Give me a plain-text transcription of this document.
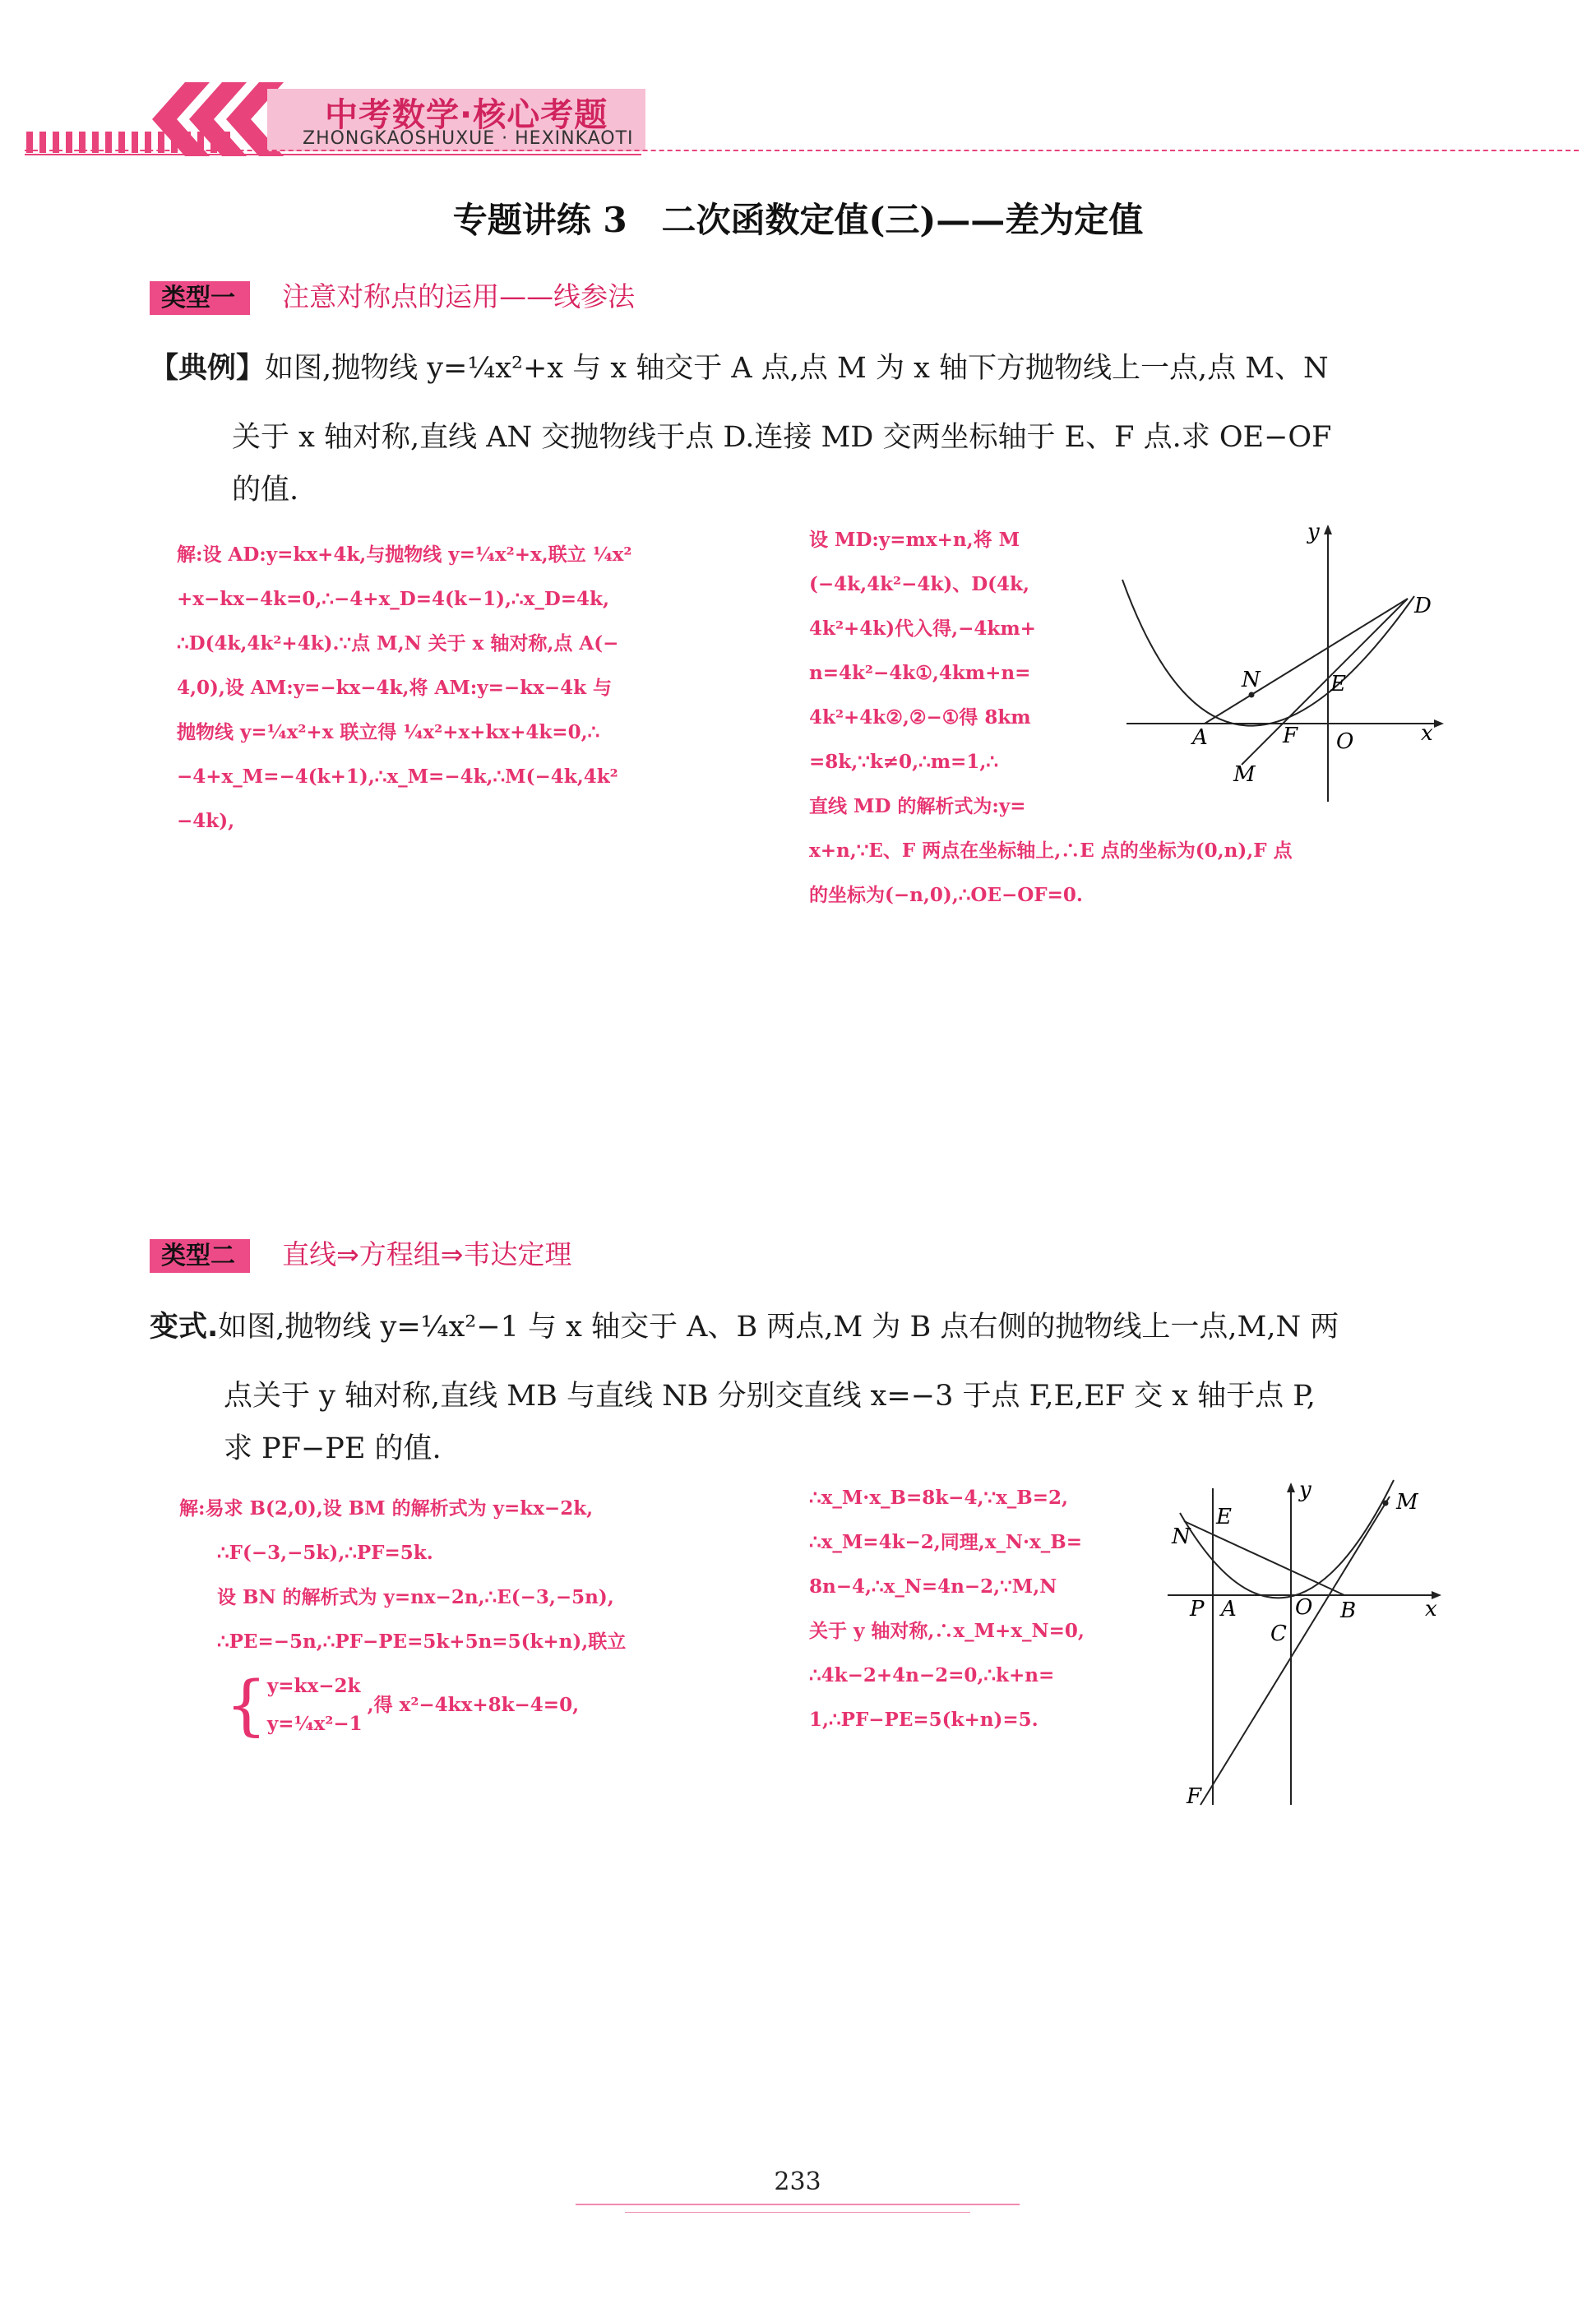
中考数学·核心考题
ZHONGKAOSHUXUE · HEXINKAOTI
专题讲练 3　二次函数定值(三)——差为定值
类型一 注意对称点的运用——线参法
【典例】如图,抛物线 y=¼x²+x 与 x 轴交于 A 点,点 M 为 x 轴下方抛物线上一点,点 M、N
关于 x 轴对称,直线 AN 交抛物线于点 D.连接 MD 交两坐标轴于 E、F 点.求 OE−OF
的值.

解:设 AD:y=kx+4k,与抛物线 y=¼x²+x,联立 ¼x²

+x−kx−4k=0,∴−4+x_D=4(k−1),∴x_D=4k,

∴D(4k,4k²+4k).∵点 M,N 关于 x 轴对称,点 A(−

4,0),设 AM:y=−kx−4k,将 AM:y=−kx−4k 与

抛物线 y=¼x²+x 联立得 ¼x²+x+kx+4k=0,∴

−4+x_M=−4(k+1),∴x_M=−4k,∴M(−4k,4k²

−4k),

设 MD:y=mx+n,将 M

(−4k,4k²−4k)、D(4k,

4k²+4k)代入得,−4km+

n=4k²−4k①,4km+n=

4k²+4k②,②−①得 8km

=8k,∵k≠0,∴m=1,∴

直线 MD 的解析式为:y=

x+n,∵E、F 两点在坐标轴上,∴E 点的坐标为(0,n),F 点

的坐标为(−n,0),∴OE−OF=0.

y
x
D
N	E
A	F O
M
类型二 直线⇒方程组⇒韦达定理
变式.如图,抛物线 y=¼x²−1 与 x 轴交于 A、B 两点,M 为 B 点右侧的抛物线上一点,M,N 两
点关于 y 轴对称,直线 MB 与直线 NB 分别交直线 x=−3 于点 F,E,EF 交 x 轴于点 P,
求 PF−PE 的值.

解:易求 B(2,0),设 BM 的解析式为 y=kx−2k,

∴F(−3,−5k),∴PF=5k.

设 BN 的解析式为 y=nx−2n,∴E(−3,−5n),

∴PE=−5n,∴PF−PE=5k+5n=5(k+n),联立

{ y=kx−2k
y=¼x²−1
,得 x²−4kx+8k−4=0,

∴x_M·x_B=8k−4,∵x_B=2,

∴x_M=4k−2,同理,x_N·x_B=

8n−4,∴x_N=4n−2,∵M,N

关于 y 轴对称,∴x_M+x_N=0,

∴4k−2+4n−2=0,∴k+n=

1,∴PF−PE=5(k+n)=5.

y
x
M
E
N
P A	O B
C
F
233
